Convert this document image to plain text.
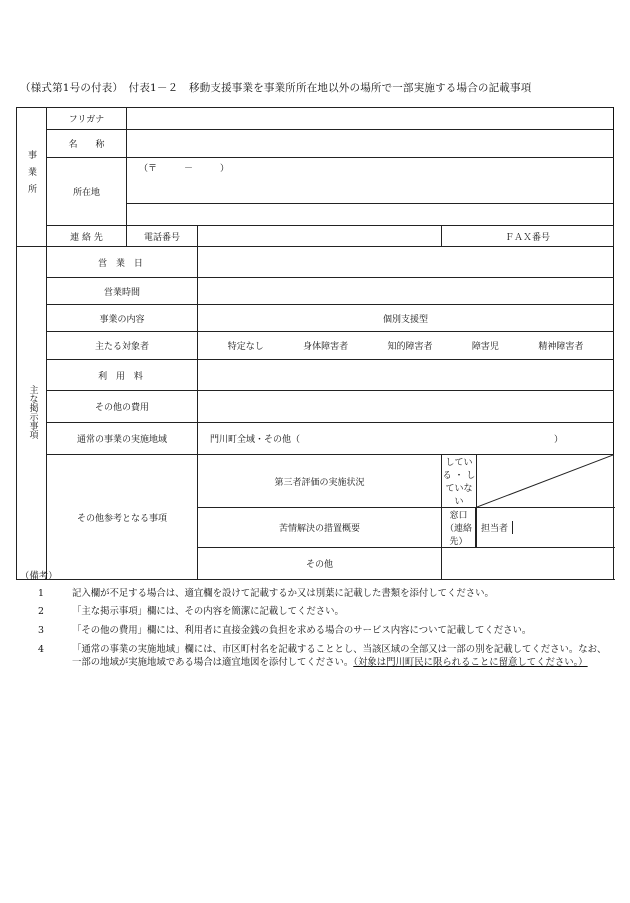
（様式第1号の付表）　付表1－２　移動支援事業を事業所所在地以外の場所で一部実施する場合の記載事項
事業所	フリガナ					
	名　　称					
	所在地	（〒　　　－　　　）				

	連 絡 先	電話番号		ＦＡＸ番号		
主な掲示事項	営 業 日					
	営業時間					
	事業の内容		個別支援型			
	主たる対象者		特定なし 身体障害者 知的障害者 障害児 精神障害者			

	利 用 料					
	その他の費用					
	通常の事業の実施地域		門川町全域・その他（ ）			

	その他参考となる事項		第三者評価の実施状況	している ・ していない	

			苦情解決の措置概要	窓口（連絡先）	担当者	

			その他			
（備考）
1	記入欄が不足する場合は、適宜欄を設けて記載するか又は別葉に記載した書類を添付してください。
2	「主な掲示事項」欄には、その内容を簡潔に記載してください。
3	「その他の費用」欄には、利用者に直接金銭の負担を求める場合のサービス内容について記載してください。
4	「通常の事業の実施地域」欄には、市区町村名を記載することとし、当該区域の全部又は一部の別を記載してください。なお、一部の地域が実施地域である場合は適宜地図を添付してください。（対象は門川町民に限られることに留意してください。）
